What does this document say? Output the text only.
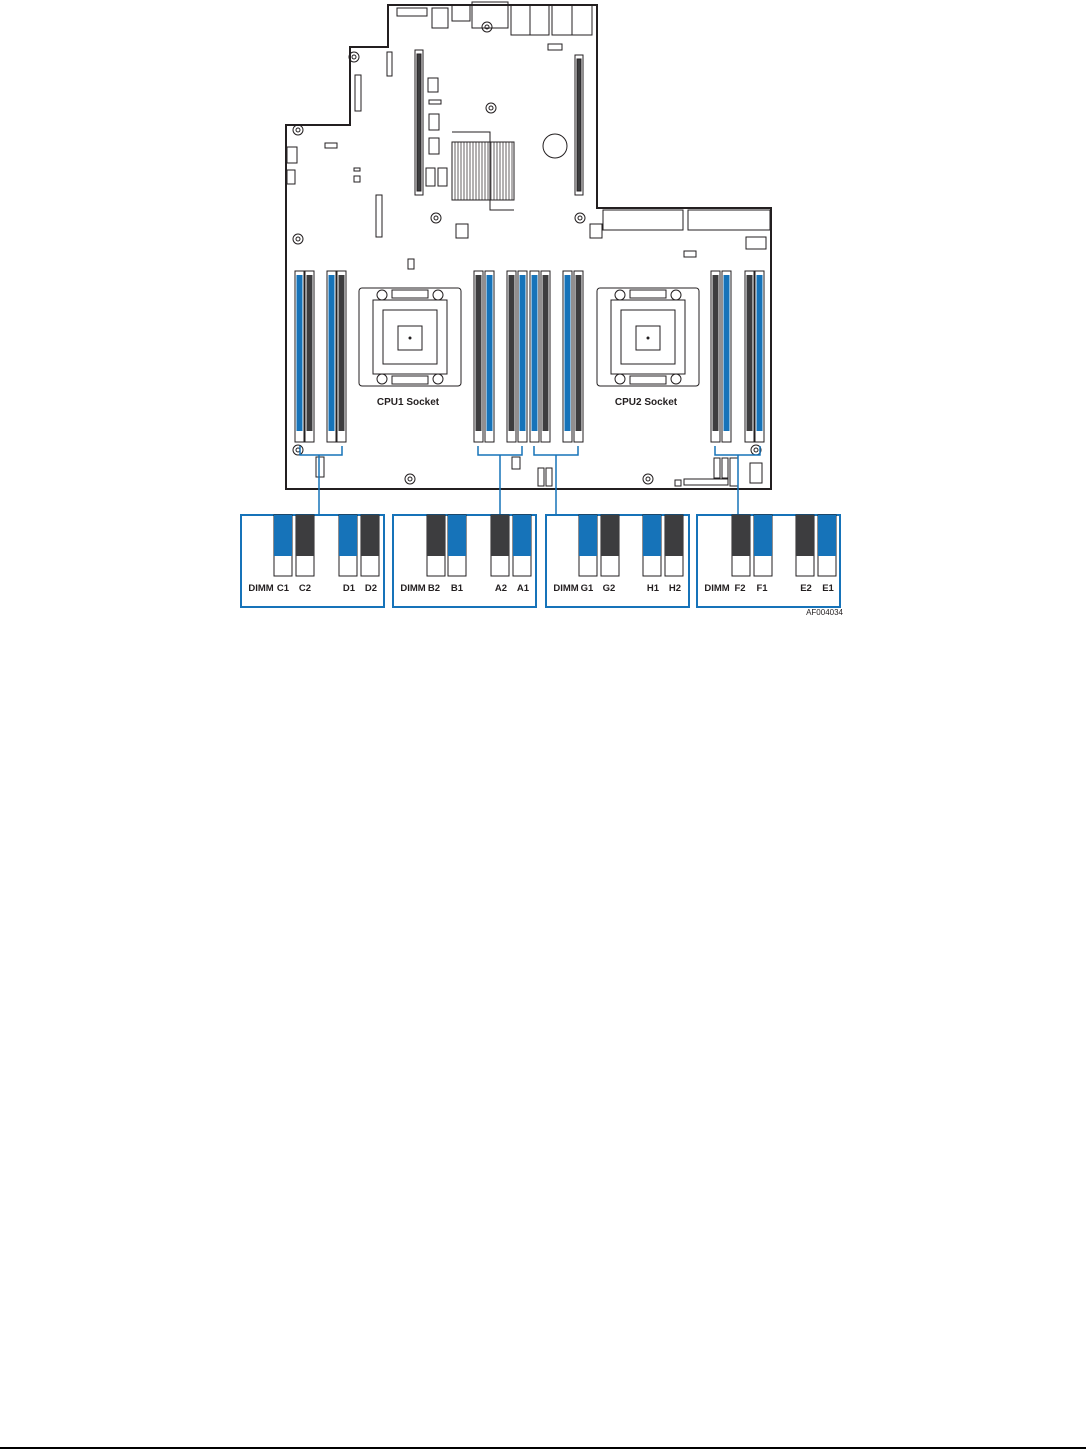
CPU1 Socket	CPU2 Socket
DIMM C1 C2	D1 D2 DIMM B2 B1	A2 A1	DIMM G1 G2	H1 H2 DIMM F2 F1	E2 E1
AF004034
